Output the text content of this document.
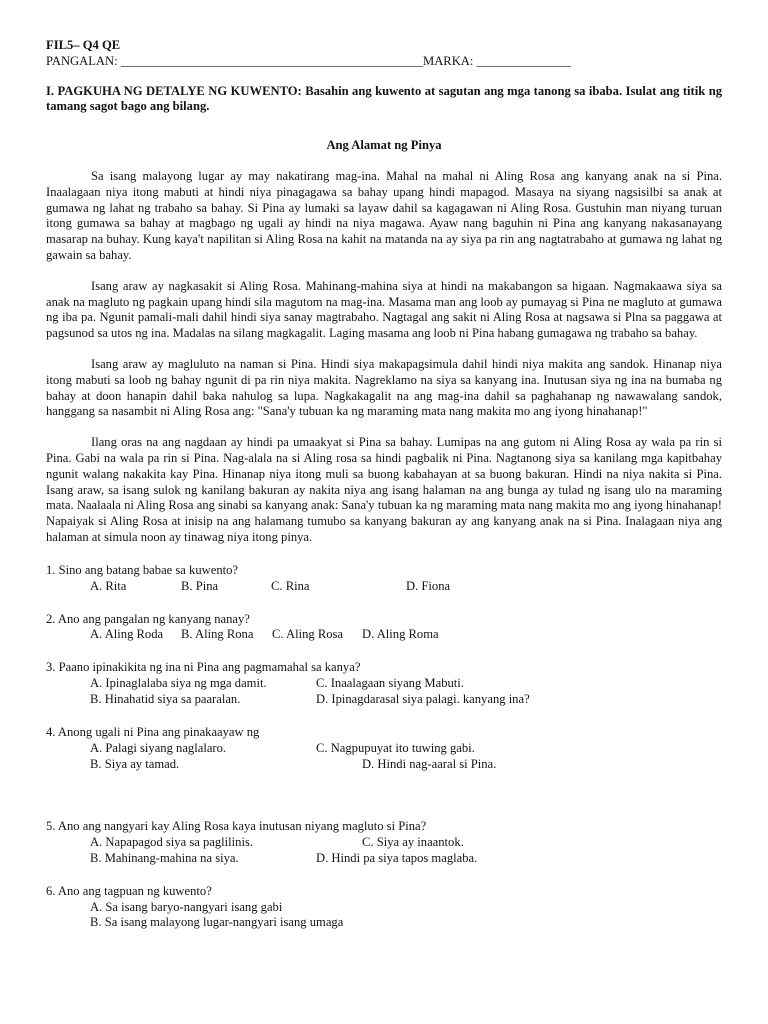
FIL5– Q4 QE
PANGALAN: ________________________________________________MARKA: _______________
I. PAGKUHA NG DETALYE NG KUWENTO: Basahin ang kuwento at sagutan ang mga tanong sa ibaba. Isulat ang titik ng tamang sagot bago ang bilang.
Ang Alamat ng Pinya
Sa isang malayong lugar ay may nakatirang mag-ina. Mahal na mahal ni Aling Rosa ang kanyang anak na si Pina. Inaalagaan niya itong mabuti at hindi niya pinagagawa sa bahay upang hindi mapagod. Masaya na siyang nagsisilbi sa anak at gumawa ng lahat ng trabaho sa bahay. Si Pina ay lumaki sa layaw dahil sa kagagawan ni Aling Rosa. Gustuhin man niyang turuan itong gumawa sa bahay at magbago ng ugali ay hindi na niya magawa. Ayaw nang baguhin ni Pina ang kanyang nakasanayang masarap na buhay. Kung kaya't napilitan si Aling Rosa na kahit na matanda na ay siya pa rin ang nagtatrabaho at gumawa ng lahat ng gawain sa bahay.
Isang araw ay nagkasakit si Aling Rosa. Mahinang-mahina siya at hindi na makabangon sa higaan. Nagmakaawa siya sa anak na magluto ng pagkain upang hindi sila magutom na mag-ina. Masama man ang loob ay pumayag si Pina ne magluto at gumawa ng iba pa. Ngunit pamali-mali dahil hindi siya sanay magtrabaho. Nagtagal ang sakit ni Aling Rosa at nagsawa si Plna sa paggawa at pagsunod sa utos ng ina. Madalas na silang magkagalit. Laging masama ang loob ni Pina habang gumagawa ng trabaho sa bahay.
Isang araw ay magluluto na naman si Pina. Hindi siya makapagsimula dahil hindi niya makita ang sandok. Hinanap niya itong mabuti sa loob ng bahay ngunit di pa rin niya makita. Nagreklamo na siya sa kanyang ina. Inutusan siya ng ina na bumaba ng bahay at doon hanapin dahil baka nahulog sa lupa. Nagkakagalit na ang mag-ina dahil sa paghahanap ng nawawalang sandok, hanggang sa nasambit ni Aling Rosa ang: "Sana'y tubuan ka ng maraming mata nang makita mo ang iyong hinahanap!"
Ilang oras na ang nagdaan ay hindi pa umaakyat si Pina sa bahay. Lumipas na ang gutom ni Aling Rosa ay wala pa rin si Pina. Gabi na wala pa rin si Pina. Nag-alala na si Aling rosa sa hindi pagbalik ni Pina. Nagtanong siya sa kanilang mga kapitbahay ngunit walang nakakita kay Pina. Hinanap niya itong muli sa buong kabahayan at sa buong bakuran. Hindi na niya nakita si Pina. Isang araw, sa isang sulok ng kanilang bakuran ay nakita niya ang isang halaman na ang bunga ay tulad ng isang ulo na maraming mata. Naalaala ni Aling Rosa ang sinabi sa kanyang anak: Sana'y tubuan ka ng maraming mata nang makita mo ang iyong hinahanap! Napaiyak si Aling Rosa at inisip na ang halamang tumubo sa kanyang bakuran ay ang kanyang anak na si Pina. Inalagaan niya ang halaman at simula noon ay tinawag niya itong pinya.
1. Sino ang batang babae sa kuwento?
A. Rita	B. Pina	C. Rina	D. Fiona
2. Ano ang pangalan ng kanyang nanay?
A. Aling Roda B. Aling Rona C. Aling Rosa D. Aling Roma
3. Paano ipinakikita ng ina ni Pina ang pagmamahal sa kanya?
A. Ipinaglalaba siya ng mga damit.	C. Inaalagaan siyang Mabuti.
B. Hinahatid siya sa paaralan.	D. Ipinagdarasal siya palagi. kanyang ina?
4. Anong ugali ni Pina ang pinakaayaw ng
A. Palagi siyang naglalaro.	C. Nagpupuyat ito tuwing gabi.
B. Siya ay tamad.	D. Hindi nag-aaral si Pina.
5. Ano ang nangyari kay Aling Rosa kaya inutusan niyang magluto si Pina?
A. Napapagod siya sa paglilinis.	C. Siya ay inaantok.
B. Mahinang-mahina na siya.	D. Hindi pa siya tapos maglaba.
6. Ano ang tagpuan ng kuwento?
A. Sa isang baryo-nangyari isang gabi
B. Sa isang malayong lugar-nangyari isang umaga
